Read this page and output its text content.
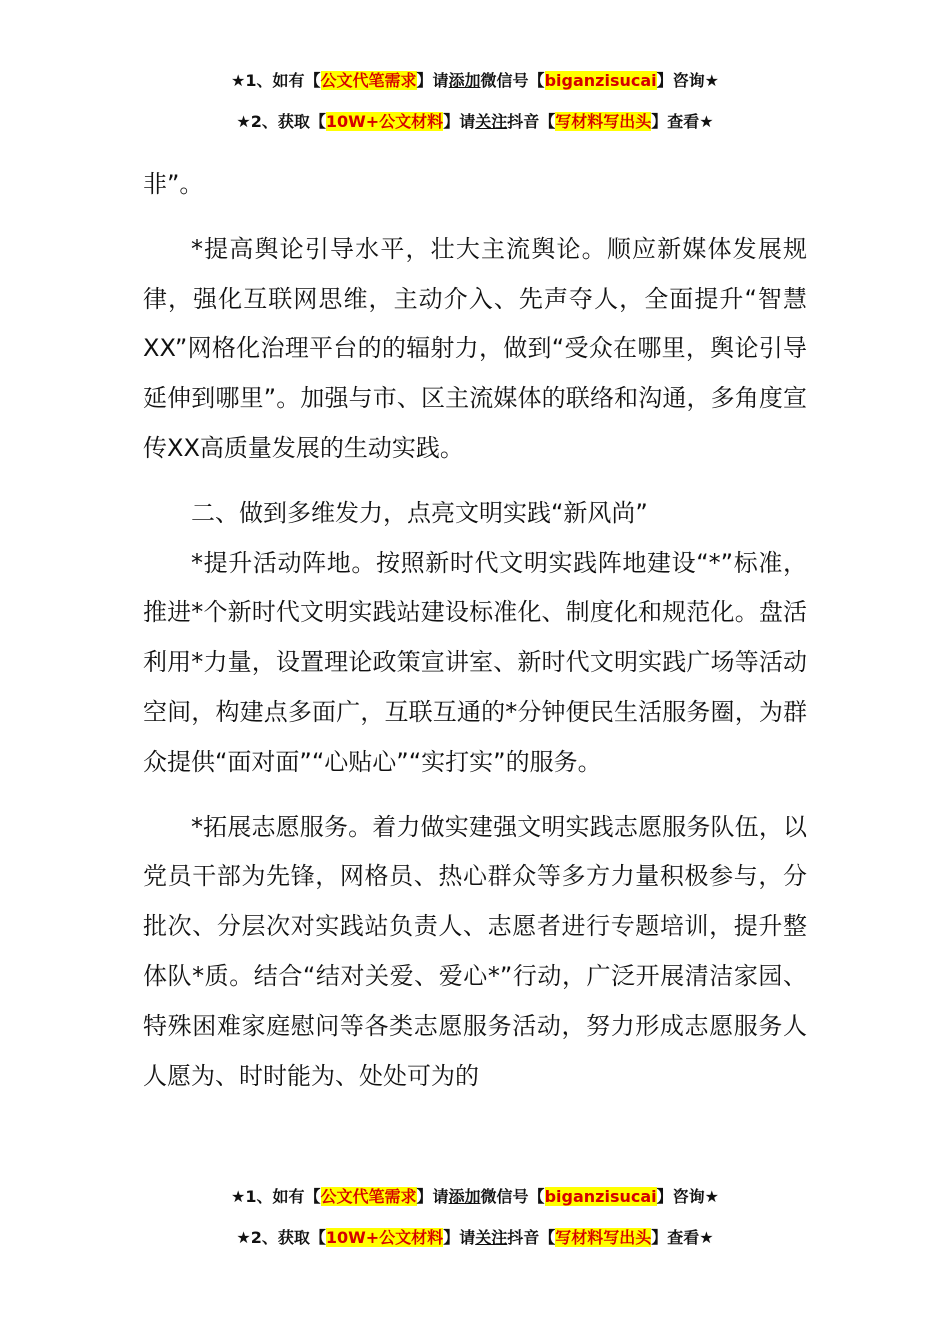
★1、如有【公文代笔需求】请添加微信号【biganzisucai】咨询★
★2、获取【10W+公文材料】请关注抖音【写材料写出头】查看★

非”。

*提高舆论引导水平，壮大主流舆论。顺应新媒体发展规律，强化互联网思维，主动介入、先声夺人，全面提升“智慧XX”网格化治理平台的的辐射力，做到“受众在哪里，舆论引导延伸到哪里”。加强与市、区主流媒体的联络和沟通，多角度宣传XX高质量发展的生动实践。

二、做到多维发力，点亮文明实践“新风尚”

*提升活动阵地。按照新时代文明实践阵地建设“*”标准，推进*个新时代文明实践站建设标准化、制度化和规范化。盘活利用*力量，设置理论政策宣讲室、新时代文明实践广场等活动空间，构建点多面广，互联互通的*分钟便民生活服务圈，为群众提供“面对面”“心贴心”“实打实”的服务。

*拓展志愿服务。着力做实建强文明实践志愿服务队伍，以党员干部为先锋，网格员、热心群众等多方力量积极参与，分批次、分层次对实践站负责人、志愿者进行专题培训，提升整体队*质。结合“结对关爱、爱心*”行动，广泛开展清洁家园、特殊困难家庭慰问等各类志愿服务活动，努力形成志愿服务人人愿为、时时能为、处处可为的

★1、如有【公文代笔需求】请添加微信号【biganzisucai】咨询★
★2、获取【10W+公文材料】请关注抖音【写材料写出头】查看★
